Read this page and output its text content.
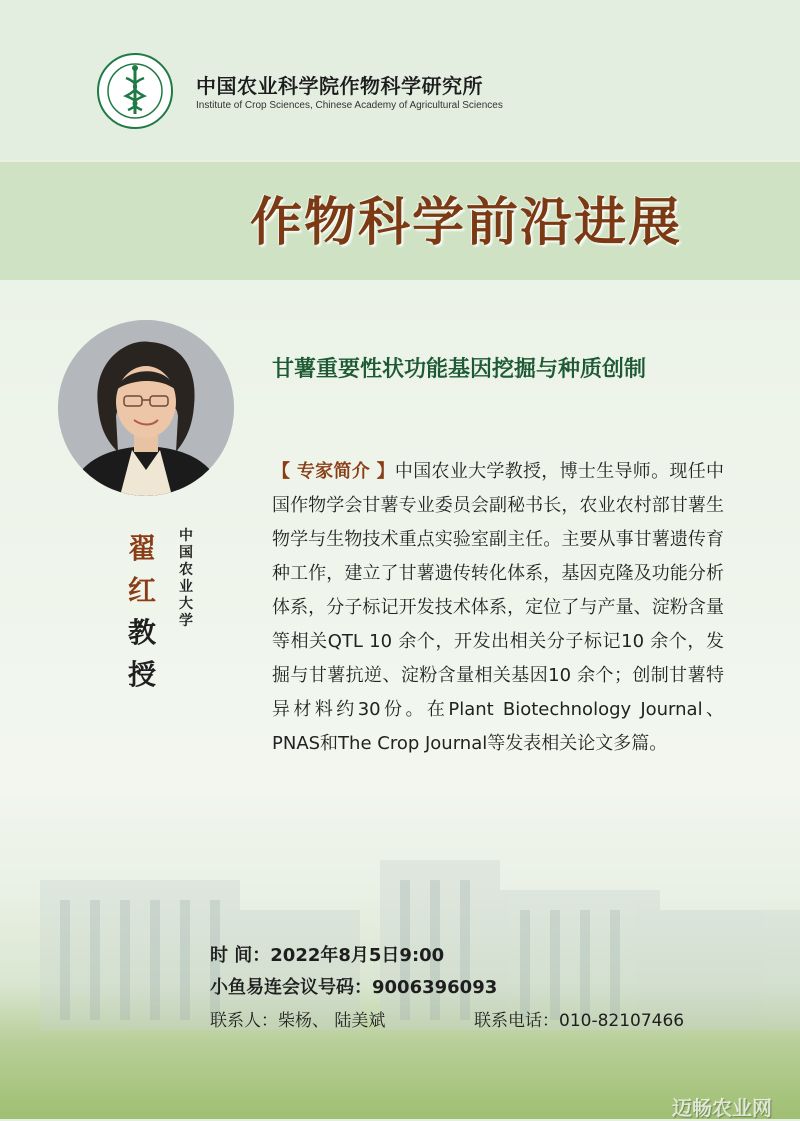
中国农业科学院作物科学研究所
Institute of Crop Sciences, Chinese Academy of Agricultural Sciences
作物科学前沿进展
翟
红
教
授
中
国
农
业
大
学
甘薯重要性状功能基因挖掘与种质创制
【 专家简介 】中国农业大学教授，博士生导师。现任中国作物学会甘薯专业委员会副秘书长，农业农村部甘薯生物学与生物技术重点实验室副主任。主要从事甘薯遗传育种工作，建立了甘薯遗传转化体系，基因克隆及功能分析体系，分子标记开发技术体系，定位了与产量、淀粉含量等相关QTL 10 余个，开发出相关分子标记10 余个，发掘与甘薯抗逆、淀粉含量相关基因10 余个；创制甘薯特异材料约30份。在Plant Biotechnology Journal、PNAS和The Crop Journal等发表相关论文多篇。
时 间：2022年8月5日9:00
小鱼易连会议号码：9006396093
联系人：柴杨、 陆美斌	联系电话：010-82107466
迈畅农业网
